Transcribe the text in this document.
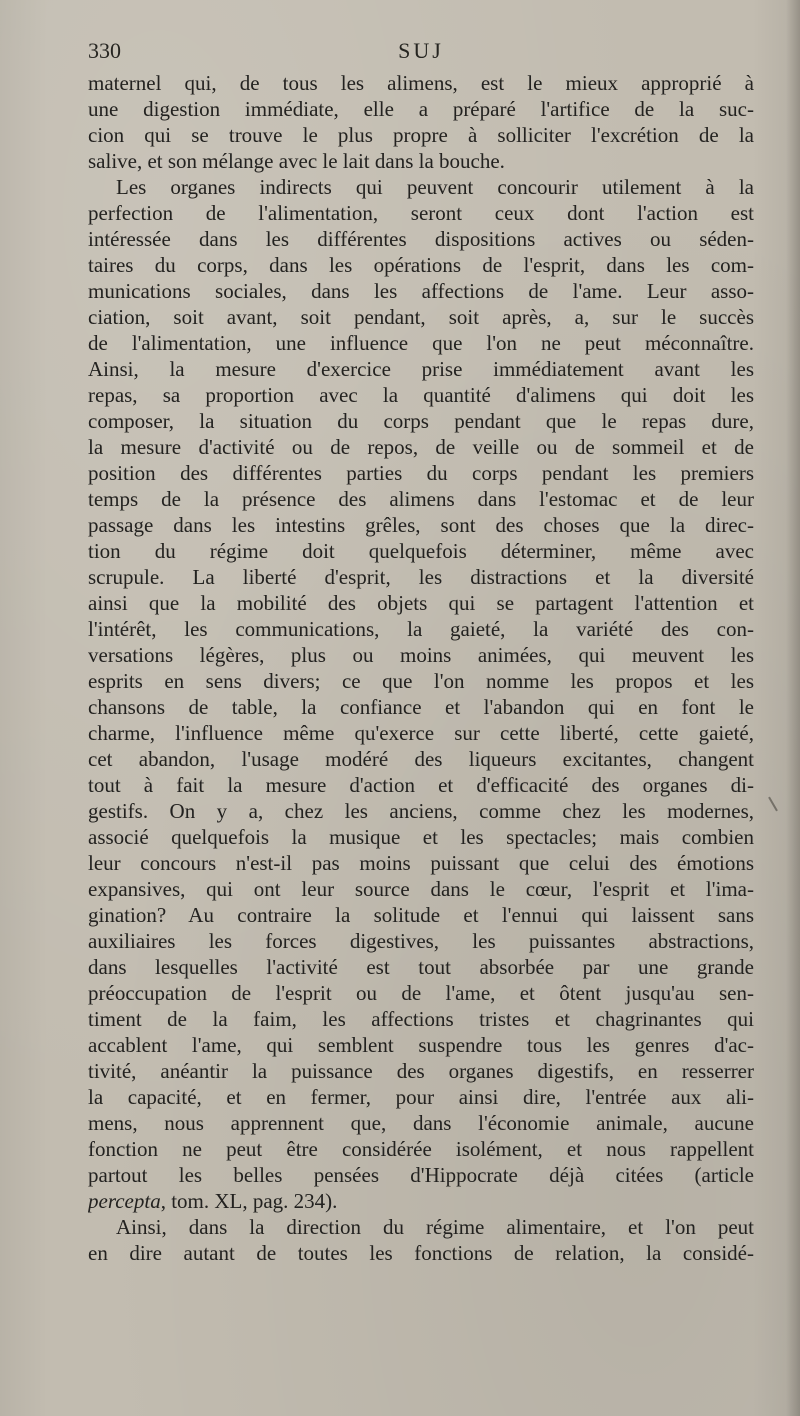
330	SUJ
maternel qui, de tous les alimens, est le mieux approprié à
une digestion immédiate, elle a préparé l'artifice de la suc-
cion qui se trouve le plus propre à solliciter l'excrétion de la
salive, et son mélange avec le lait dans la bouche.
Les organes indirects qui peuvent concourir utilement à la
perfection de l'alimentation, seront ceux dont l'action est
intéressée dans les différentes dispositions actives ou séden-
taires du corps, dans les opérations de l'esprit, dans les com-
munications sociales, dans les affections de l'ame. Leur asso-
ciation, soit avant, soit pendant, soit après, a, sur le succès
de l'alimentation, une influence que l'on ne peut méconnaître.
Ainsi, la mesure d'exercice prise immédiatement avant les
repas, sa proportion avec la quantité d'alimens qui doit les
composer, la situation du corps pendant que le repas dure,
la mesure d'activité ou de repos, de veille ou de sommeil et de
position des différentes parties du corps pendant les premiers
temps de la présence des alimens dans l'estomac et de leur
passage dans les intestins grêles, sont des choses que la direc-
tion du régime doit quelquefois déterminer, même avec
scrupule. La liberté d'esprit, les distractions et la diversité
ainsi que la mobilité des objets qui se partagent l'attention et
l'intérêt, les communications, la gaieté, la variété des con-
versations légères, plus ou moins animées, qui meuvent les
esprits en sens divers; ce que l'on nomme les propos et les
chansons de table, la confiance et l'abandon qui en font le
charme, l'influence même qu'exerce sur cette liberté, cette gaieté,
cet abandon, l'usage modéré des liqueurs excitantes, changent
tout à fait la mesure d'action et d'efficacité des organes di-
gestifs. On y a, chez les anciens, comme chez les modernes,
associé quelquefois la musique et les spectacles; mais combien
leur concours n'est-il pas moins puissant que celui des émotions
expansives, qui ont leur source dans le cœur, l'esprit et l'ima-
gination? Au contraire la solitude et l'ennui qui laissent sans
auxiliaires les forces digestives, les puissantes abstractions,
dans lesquelles l'activité est tout absorbée par une grande
préoccupation de l'esprit ou de l'ame, et ôtent jusqu'au sen-
timent de la faim, les affections tristes et chagrinantes qui
accablent l'ame, qui semblent suspendre tous les genres d'ac-
tivité, anéantir la puissance des organes digestifs, en resserrer
la capacité, et en fermer, pour ainsi dire, l'entrée aux ali-
mens, nous apprennent que, dans l'économie animale, aucune
fonction ne peut être considérée isolément, et nous rappellent
partout les belles pensées d'Hippocrate déjà citées (article
percepta, tom. XL, pag. 234).
Ainsi, dans la direction du régime alimentaire, et l'on peut
en dire autant de toutes les fonctions de relation, la considé-
